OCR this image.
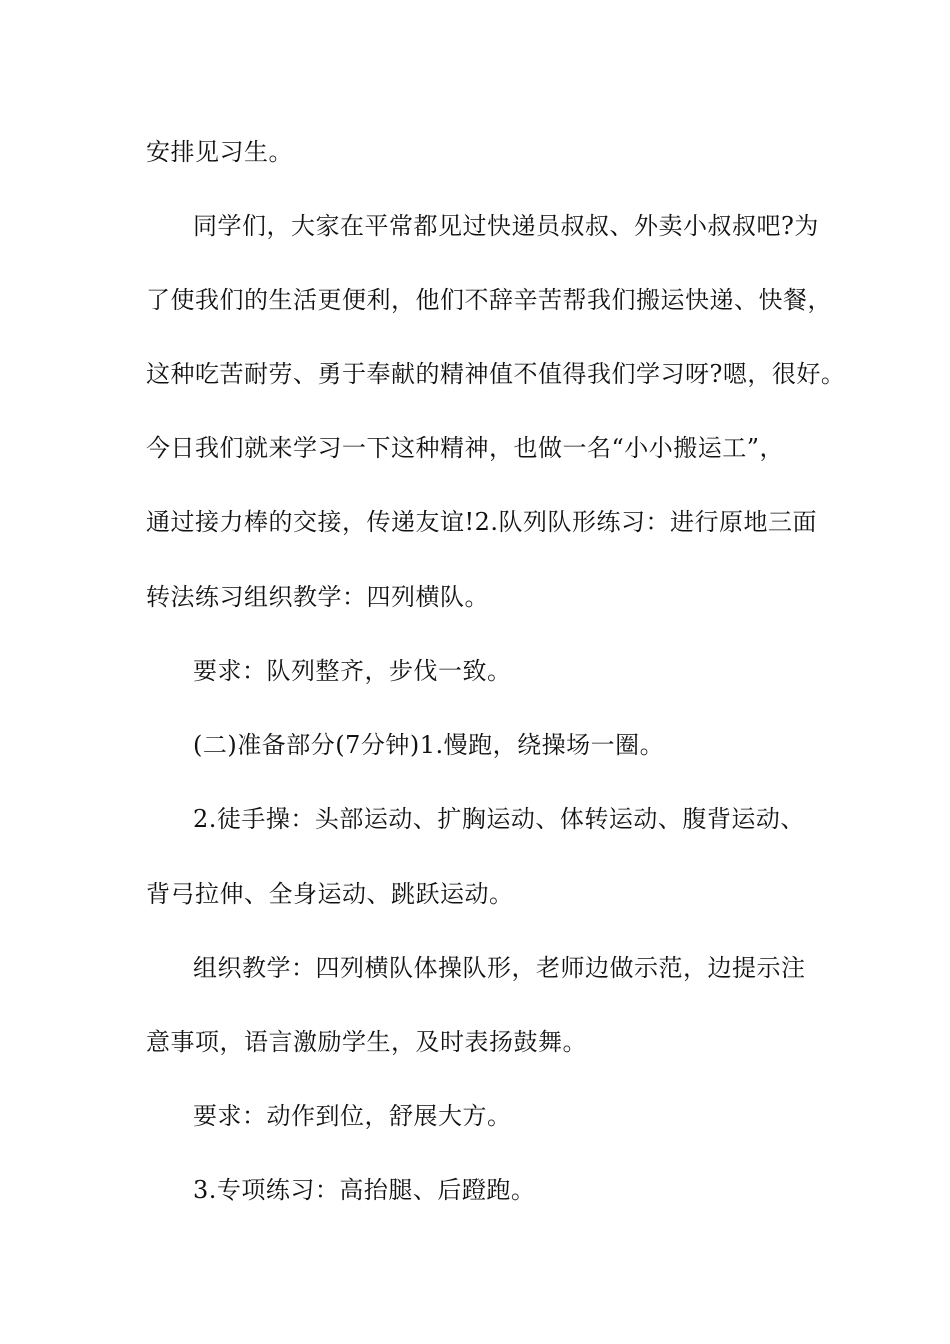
安排见习生。
同学们，大家在平常都见过快递员叔叔、外卖小叔叔吧?为
了使我们的生活更便利，他们不辞辛苦帮我们搬运快递、快餐，
这种吃苦耐劳、勇于奉献的精神值不值得我们学习呀?嗯，很好。
今日我们就来学习一下这种精神，也做一名“小小搬运工”，
通过接力棒的交接，传递友谊!2.队列队形练习：进行原地三面
转法练习组织教学：四列横队。
要求：队列整齐，步伐一致。
(二)准备部分(7分钟)1.慢跑，绕操场一圈。
2.徒手操：头部运动、扩胸运动、体转运动、腹背运动、
背弓拉伸、全身运动、跳跃运动。
组织教学：四列横队体操队形，老师边做示范，边提示注
意事项，语言激励学生，及时表扬鼓舞。
要求：动作到位，舒展大方。
3.专项练习：高抬腿、后蹬跑。
